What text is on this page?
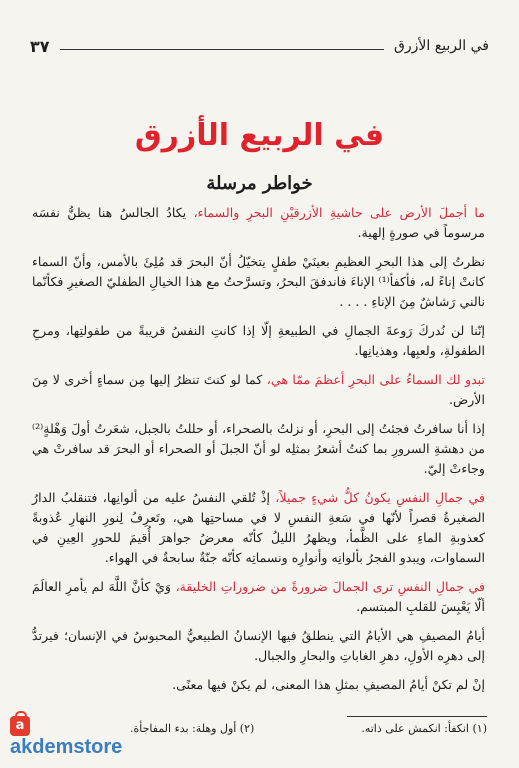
في الربيع الأزرق
٣٧
في الربيع الأزرق
خواطر مرسلة

ما أجملَ الأرض على حاشيةِ الأزرقيْنِ البحرِ والسماء، يكادُ الجالسُ هنا يظنُّ نفسَه مرسوماً في صورةٍ إلهية.

نظرتُ إلى هذا البحرِ العظيمِ بعينَيْ طفلٍ يتخيّلُ أنّ البحرَ قد مُلِئَ بالأمس، وأنّ السماء كانتْ إناءً له، فأكفأ⁽¹⁾ الإناءَ فاندفقَ البحرُ، وتسرَّحتُ مع هذا الخيالِ الطفليّ الصغيرِ فكأنّما نالني رَشاشٌ مِنَ الإناءِ . . . .

إنّنا لن نُدركَ رَوعةَ الجمالِ في الطبيعةِ إلّا إذا كانتِ النفسُ قريبةً من طفولتِها، ومرحِ الطفولةِ، ولعبِها، وهذيانِها.

تبدو لك السماءُ على البحرِ أعظمَ ممّا هي، كما لو كنتَ تنظرُ إليها مِن سماءٍ أخرى لا مِنَ الأرض.

إذا أنا سافرتُ فجئتُ إلى البحرِ، أو نزلتُ بالصحراء، أو حللتُ بالجبل، شعَرتُ أولَ وَهْلةٍ⁽²⁾ من دهشةِ السرورِ بما كنتُ أشعرُ بمثلِه لو أنّ الجبلَ أو الصحراء أو البحرَ قد سافرتْ هي وجاءتْ إليّ.

في جمالِ النفسِ يكونُ كلُّ شيءٍ جميلاً، إذْ تُلقي النفسُ عليه من ألوانِها، فتنقلبُ الدارُ الصغيرةُ قصراً لأنّها في سَعةِ النفسِ لا في مساحتِها هي، وتَعرِفُ لِنورِ النهارِ عُذوبةً كعذوبةِ الماءِ على الظَّمأ، ويظهرُ الليلُ كأنّه معرضُ جواهرَ أُقيمَ للحورِ العِينِ في السماوات، ويبدو الفجرُ بألوانِه وأنوارِه ونسماتِه كأنّه جنّةٌ سابحةٌ في الهواء.

في جمالِ النفسِ ترى الجمالَ ضرورةً من ضروراتِ الخليقة، وَيْ كأنَّ اللَّهَ لم يأمرِ العالَمَ ألّا يَعْبِسَ للقلبِ المبتسم.

أيامُ المصيفِ هي الأيامُ التي ينطلقُ فيها الإنسانُ الطبيعيُّ المحبوسُ في الإنسان؛ فيرتدُّ إلى دهرِه الأولِ، دهرِ الغاباتِ والبحارِ والجبال.

إنْ لم تكنْ أيامُ المصيفِ بمثلِ هذا المعنى، لم يكنْ فيها معنًى.

(١) انكفأ: انكمش على ذاته.
(٢) أول وهلة: بدء المفاجأة.
a
akdemstore
